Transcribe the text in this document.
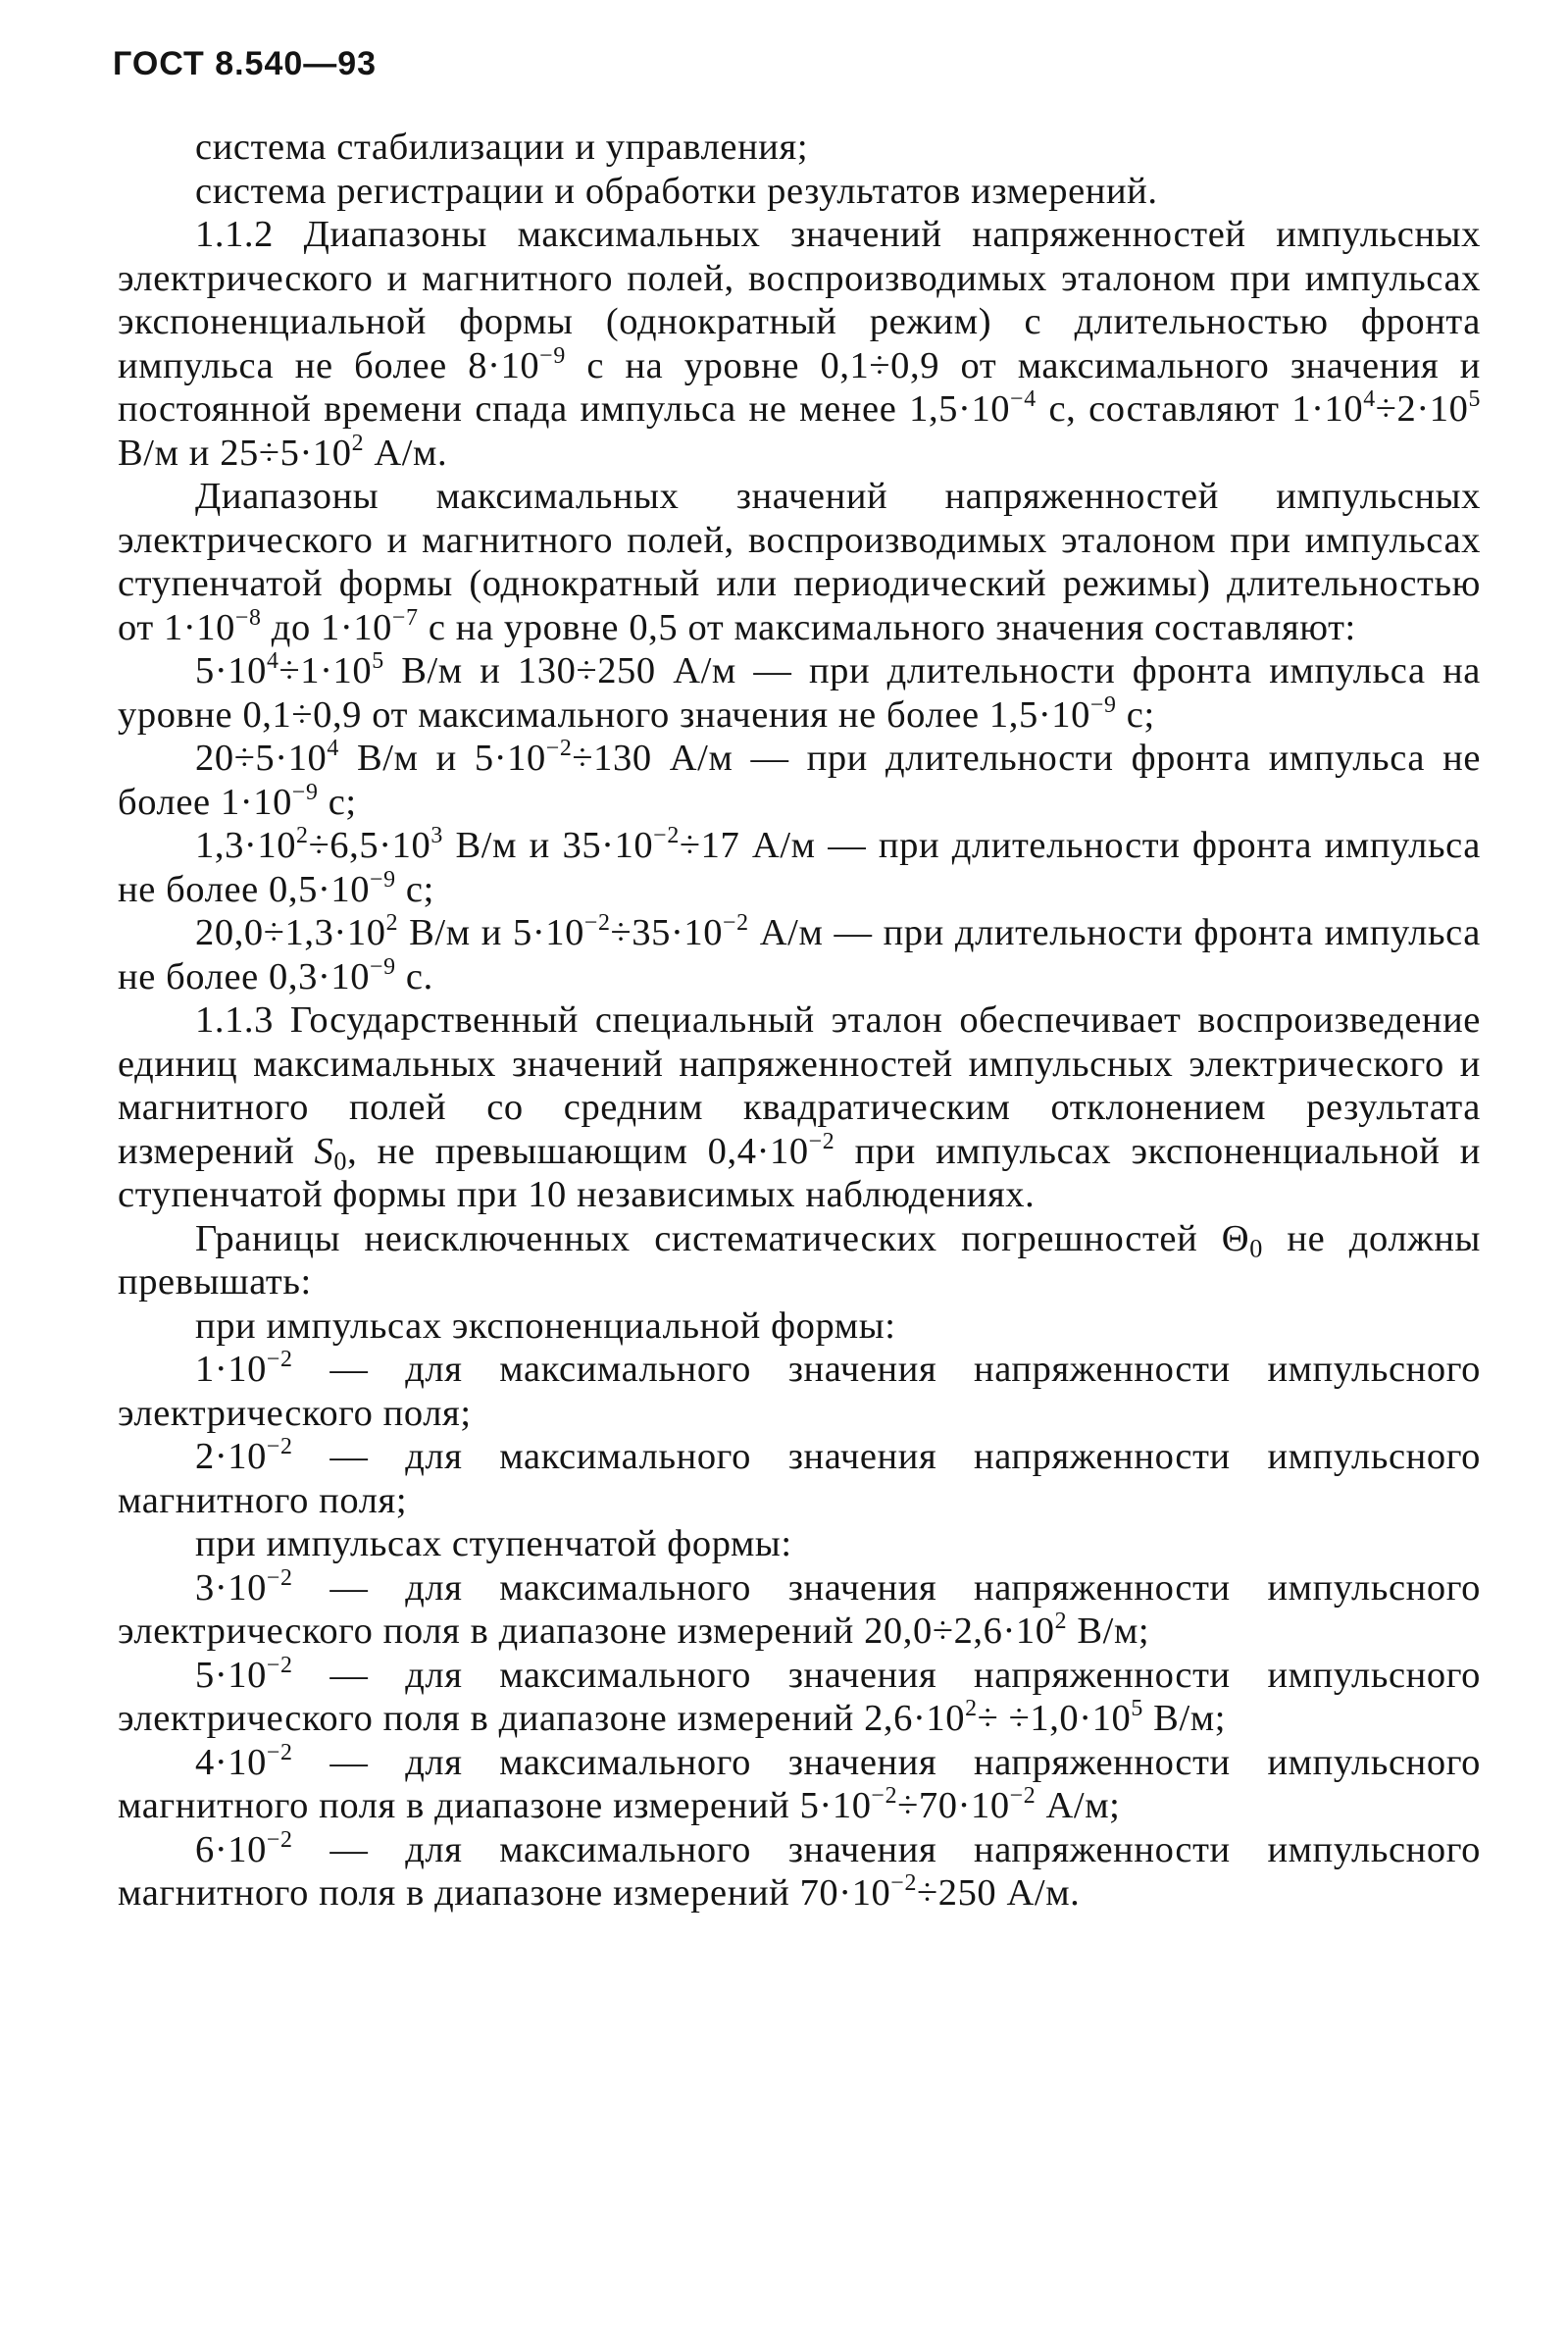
ГОСТ 8.540—93

система стабилизации и управления;

система регистрации и обработки результатов измерений.

1.1.2 Диапазоны максимальных значений напряженностей импульсных электрического и магнитного полей, воспроизводимых эталоном при импульсах экспоненциальной формы (однократный режим) с длительностью фронта импульса не более $8\cdot 10^{-9}$ с на уровне 0,1÷0,9 от максимального значения и постоянной времени спада импульса не менее $1,5\cdot 10^{-4}$ с, составляют $1\cdot 10^4\div 2\cdot 10^5$ В/м и $25\div 5\cdot 10^2$ А/м.

Диапазоны максимальных значений напряженностей импульсных электрического и магнитного полей, воспроизводимых эталоном при импульсах ступенчатой формы (однократный или периодический режимы) длительностью от $1\cdot 10^{-8}$ до $1\cdot 10^{-7}$ с на уровне 0,5 от максимального значения составляют:

$5\cdot 10^4\div 1\cdot 10^5$ В/м и 130÷250 А/м — при длительности фронта импульса на уровне 0,1÷0,9 от максимального значения не более $1,5\cdot 10^{-9}$ с;

$20\div 5\cdot 10^4$ В/м и $5\cdot 10^{-2}\div 130$ А/м — при длительности фронта импульса не более $1\cdot 10^{-9}$ с;

$1,3\cdot 10^2\div 6,5\cdot 10^3$ В/м и $35\cdot 10^{-2}\div 17$ А/м — при длительности фронта импульса не более $0,5\cdot 10^{-9}$ с;

$20,0\div 1,3\cdot 10^2$ В/м и $5\cdot 10^{-2}\div 35\cdot 10^{-2}$ А/м — при длительности фронта импульса не более $0,3\cdot 10^{-9}$ с.

1.1.3 Государственный специальный эталон обеспечивает воспроизведение единиц максимальных значений напряженностей импульсных электрического и магнитного полей со средним квадратическим отклонением результата измерений $S_0$, не превышающим $0,4\cdot 10^{-2}$ при импульсах экспоненциальной и ступенчатой формы при 10 независимых наблюдениях.

Границы неисключенных систематических погрешностей $\Theta_0$ не должны превышать:

при импульсах экспоненциальной формы:

$1\cdot 10^{-2}$ — для максимального значения напряженности импульсного электрического поля;

$2\cdot 10^{-2}$ — для максимального значения напряженности импульсного магнитного поля;

при импульсах ступенчатой формы:

$3\cdot 10^{-2}$ — для максимального значения напряженности импульсного электрического поля в диапазоне измерений $20,0\div 2,6\cdot 10^2$ В/м;

$5\cdot 10^{-2}$ — для максимального значения напряженности импульсного электрического поля в диапазоне измерений $2,6\cdot 10^2\div \div 1,0\cdot 10^5$ В/м;

$4\cdot 10^{-2}$ — для максимального значения напряженности импульсного магнитного поля в диапазоне измерений $5\cdot 10^{-2}\div 70\cdot 10^{-2}$ А/м;

$6\cdot 10^{-2}$ — для максимального значения напряженности импульсного магнитного поля в диапазоне измерений $70\cdot 10^{-2}\div 250$ А/м.
